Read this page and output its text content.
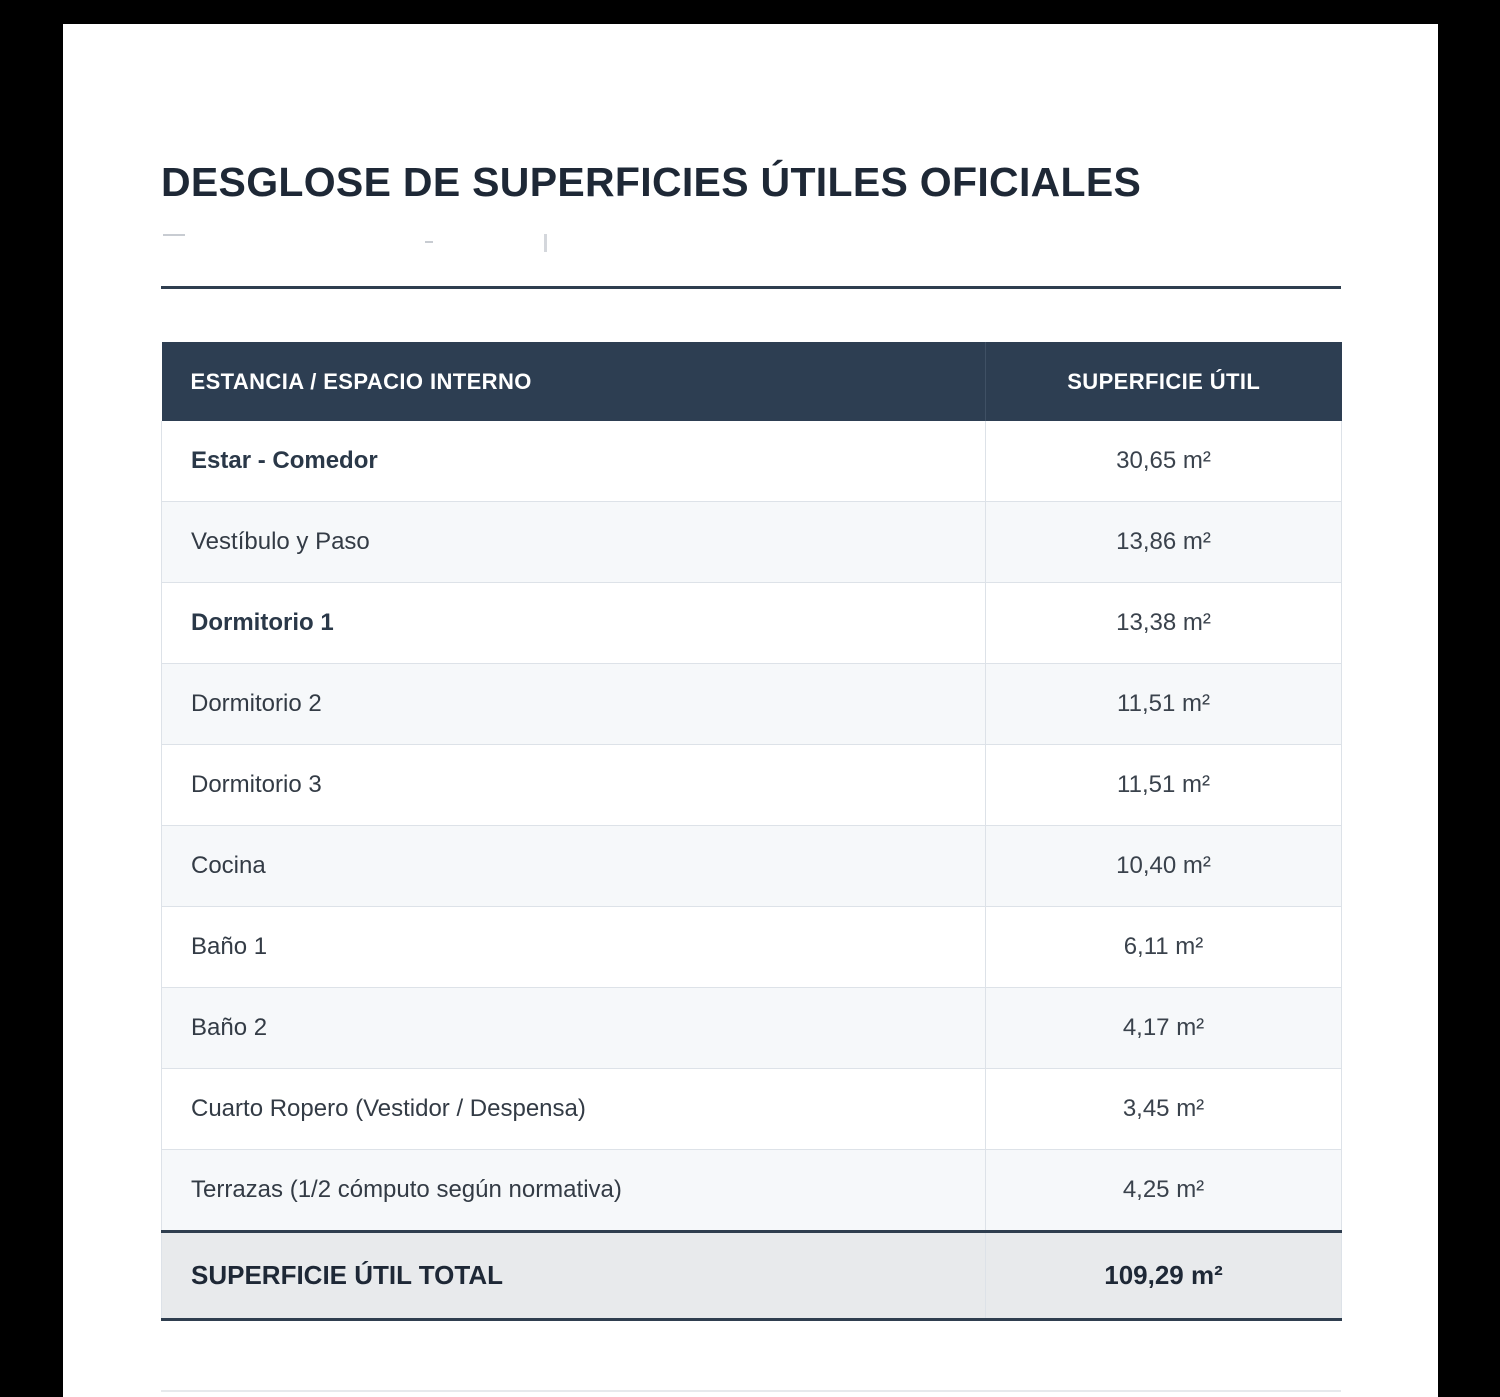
DESGLOSE DE SUPERFICIES ÚTILES OFICIALES
ESTANCIA / ESPACIO INTERNO	SUPERFICIE ÚTIL
Estar - Comedor	30,65 m²
Vestíbulo y Paso	13,86 m²
Dormitorio 1	13,38 m²
Dormitorio 2	11,51 m²
Dormitorio 3	11,51 m²
Cocina	10,40 m²
Baño 1	6,11 m²
Baño 2	4,17 m²
Cuarto Ropero (Vestidor / Despensa)	3,45 m²
Terrazas (1/2 cómputo según normativa)	4,25 m²
SUPERFICIE ÚTIL TOTAL	109,29 m²
